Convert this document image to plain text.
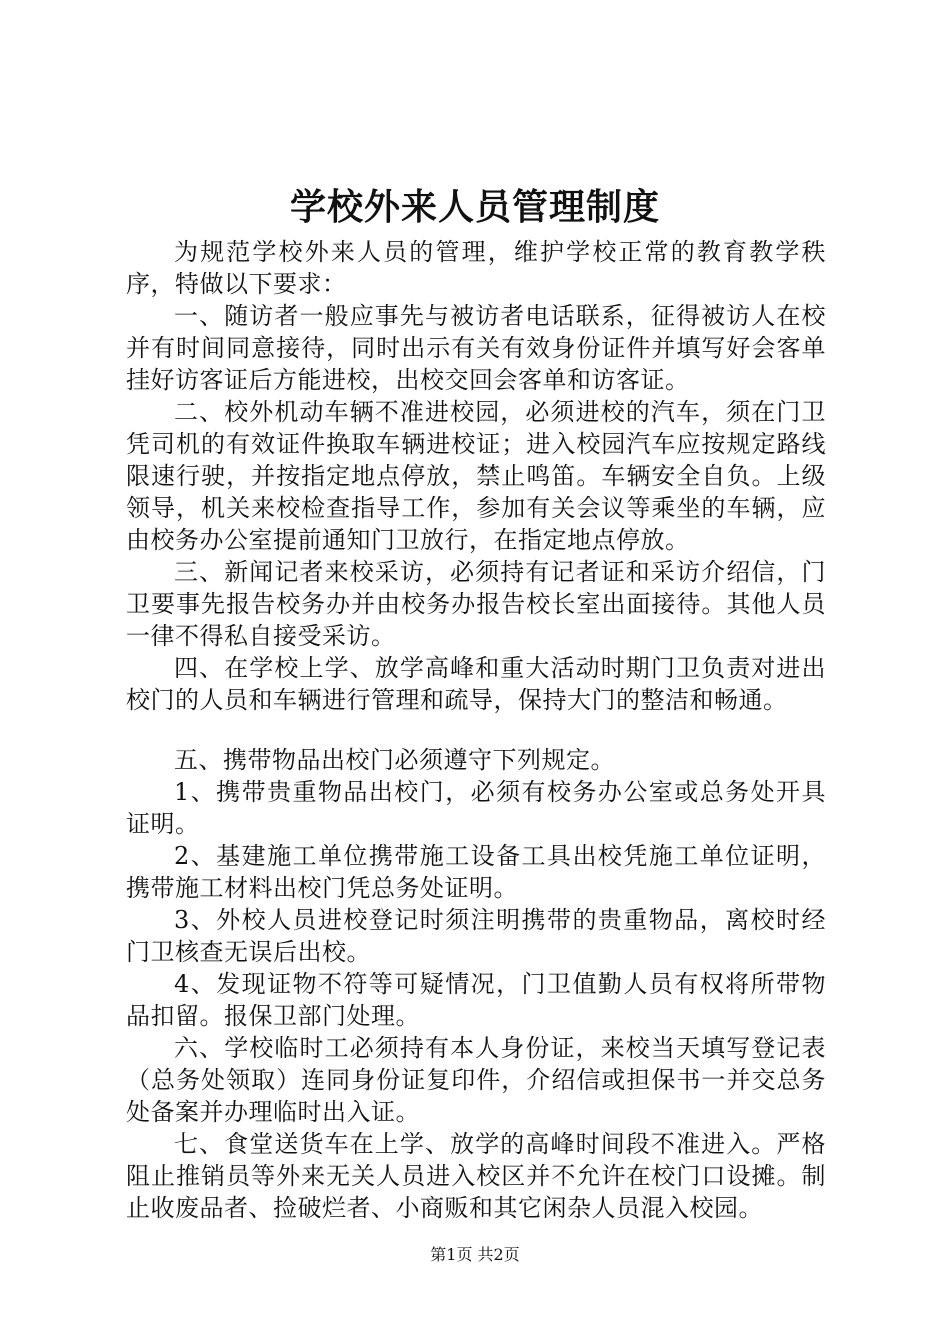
学校外来人员管理制度

为规范学校外来人员的管理，维护学校正常的教育教学秩序，特做以下要求：

一、随访者一般应事先与被访者电话联系，征得被访人在校并有时间同意接待，同时出示有关有效身份证件并填写好会客单挂好访客证后方能进校，出校交回会客单和访客证。

二、校外机动车辆不准进校园，必须进校的汽车，须在门卫凭司机的有效证件换取车辆进校证；进入校园汽车应按规定路线限速行驶，并按指定地点停放，禁止鸣笛。车辆安全自负。上级领导，机关来校检查指导工作，参加有关会议等乘坐的车辆，应由校务办公室提前通知门卫放行，在指定地点停放。

三、新闻记者来校采访，必须持有记者证和采访介绍信，门卫要事先报告校务办并由校务办报告校长室出面接待。其他人员一律不得私自接受采访。

四、在学校上学、放学高峰和重大活动时期门卫负责对进出校门的人员和车辆进行管理和疏导，保持大门的整洁和畅通。

五、携带物品出校门必须遵守下列规定。

1、携带贵重物品出校门，必须有校务办公室或总务处开具证明。

2、基建施工单位携带施工设备工具出校凭施工单位证明，携带施工材料出校门凭总务处证明。

3、外校人员进校登记时须注明携带的贵重物品，离校时经门卫核查无误后出校。

4、发现证物不符等可疑情况，门卫值勤人员有权将所带物品扣留。报保卫部门处理。

六、学校临时工必须持有本人身份证，来校当天填写登记表（总务处领取）连同身份证复印件，介绍信或担保书一并交总务处备案并办理临时出入证。

七、食堂送货车在上学、放学的高峰时间段不准进入。严格阻止推销员等外来无关人员进入校区并不允许在校门口设摊。制止收废品者、捡破烂者、小商贩和其它闲杂人员混入校园。

第1页 共2页
